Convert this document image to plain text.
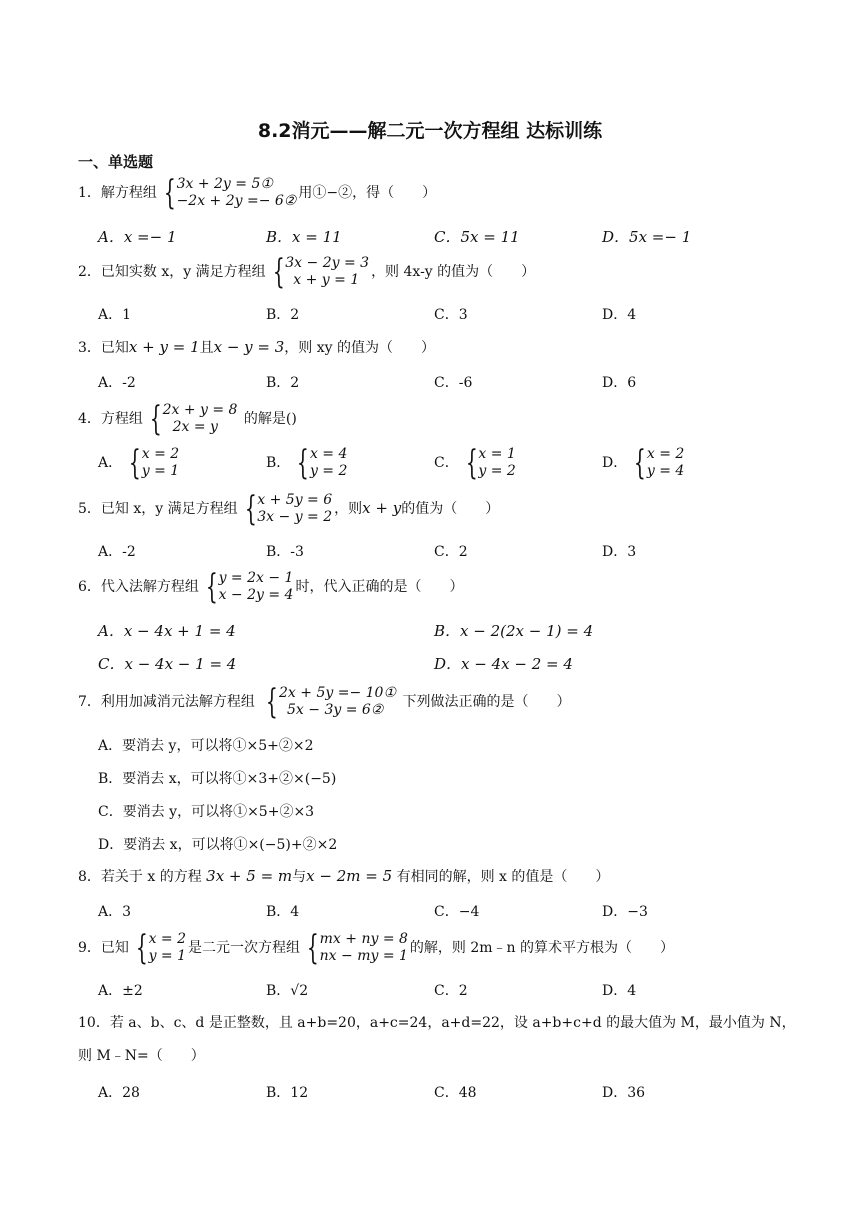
8.2消元——解二元一次方程组 达标训练
一、单选题
1．解方程组 { 3x + 2y = 5①
−2x + 2y =− 6② 用①−②，得（　　）
A．x =− 1	B．x = 11	C．5x = 11	D．5x =− 1
2．已知实数 x，y 满足方程组 { 3x − 2y = 3
x + y = 1 ，则 4x-y 的值为（　　）
A．1	B．2	C．3	D．4
3．已知x + y = 1且x − y = 3，则 xy 的值为（　　）
A．-2	B．2	C．-6	D．6
4．方程组 { 2x + y = 8
2x = y	的解是()
A． { x = 2
y = 1	B． { x = 4
y = 2	C． { x = 1
y = 2	D． { x = 2
y = 4
5．已知 x，y 满足方程组 { x + 5y = 6
3x − y = 2 ，则x + y的值为（　　）
A．-2	B．-3	C．2	D．3
6．代入法解方程组 { y = 2x − 1
x − 2y = 4 时，代入正确的是（　　）
A．x − 4x + 1 = 4	B．x − 2(2x − 1) = 4
C．x − 4x − 1 = 4	D．x − 4x − 2 = 4
7．利用加减消元法解方程组 { 2x + 5y =− 10①
5x − 3y = 6②	下列做法正确的是（　　）
A．要消去 y，可以将①×5+②×2
B．要消去 x，可以将①×3+②×(−5)
C．要消去 y，可以将①×5+②×3
D．要消去 x，可以将①×(−5)+②×2
8．若关于 x 的方程 3x + 5 = m与x − 2m = 5 有相同的解，则 x 的值是（　　）
A．3	B．4	C．−4	D．−3
9．已知 { x = 2
y = 1 是二元一次方程组 { mx + ny = 8
nx − my = 1 的解，则 2m﹣n 的算术平方根为（　　）
A．±2	B．√2	C．2	D．4
10．若 a、b、c、d 是正整数，且 a+b=20，a+c=24，a+d=22，设 a+b+c+d 的最大值为 M，最小值为 N，
则 M﹣N=（　　）
A．28	B．12	C．48	D．36
